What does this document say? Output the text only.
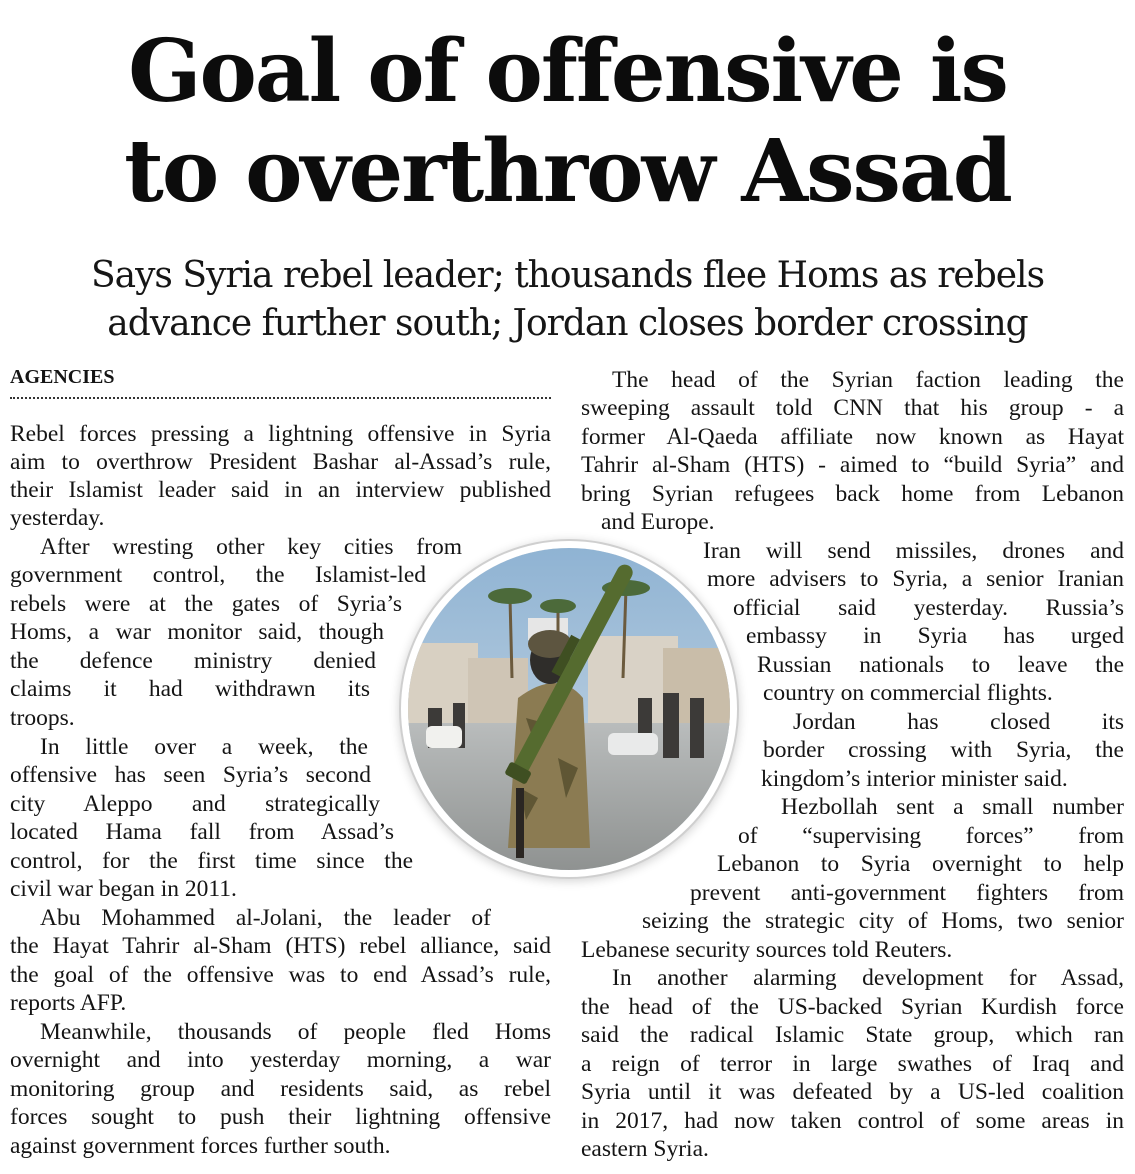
Goal of offensive is
to overthrow Assad
Says Syria rebel leader; thousands flee Homs as rebels
advance further south; Jordan closes border crossing
AGENCIES
Rebel forces pressing a lightning offensive in Syria
aim to overthrow President Bashar al-Assad’s rule,
their Islamist leader said in an interview published
yesterday.
After wresting other key cities from
government control, the Islamist-led
rebels were at the gates of Syria’s
Homs, a war monitor said, though
the defence ministry denied
claims it had withdrawn its
troops.
In little over a week, the
offensive has seen Syria’s second
city Aleppo and strategically
located Hama fall from Assad’s
control, for the first time since the
civil war began in 2011.
Abu Mohammed al-Jolani, the leader of
the Hayat Tahrir al-Sham (HTS) rebel alliance, said
the goal of the offensive was to end Assad’s rule,
reports AFP.
Meanwhile, thousands of people fled Homs
overnight and into yesterday morning, a war
monitoring group and residents said, as rebel
forces sought to push their lightning offensive
against government forces further south.
The head of the Syrian faction leading the
sweeping assault told CNN that his group - a
former Al-Qaeda affiliate now known as Hayat
Tahrir al-Sham (HTS) - aimed to “build Syria” and
bring Syrian refugees back home from Lebanon
and Europe.
Iran will send missiles, drones and
more advisers to Syria, a senior Iranian
official said yesterday. Russia’s
embassy in Syria has urged
Russian nationals to leave the
country on commercial flights.
Jordan has closed its
border crossing with Syria, the
kingdom’s interior minister said.
Hezbollah sent a small number
of “supervising forces” from
Lebanon to Syria overnight to help
prevent anti-government fighters from
seizing the strategic city of Homs, two senior
Lebanese security sources told Reuters.
In another alarming development for Assad,
the head of the US-backed Syrian Kurdish force
said the radical Islamic State group, which ran
a reign of terror in large swathes of Iraq and
Syria until it was defeated by a US-led coalition
in 2017, had now taken control of some areas in
eastern Syria.
